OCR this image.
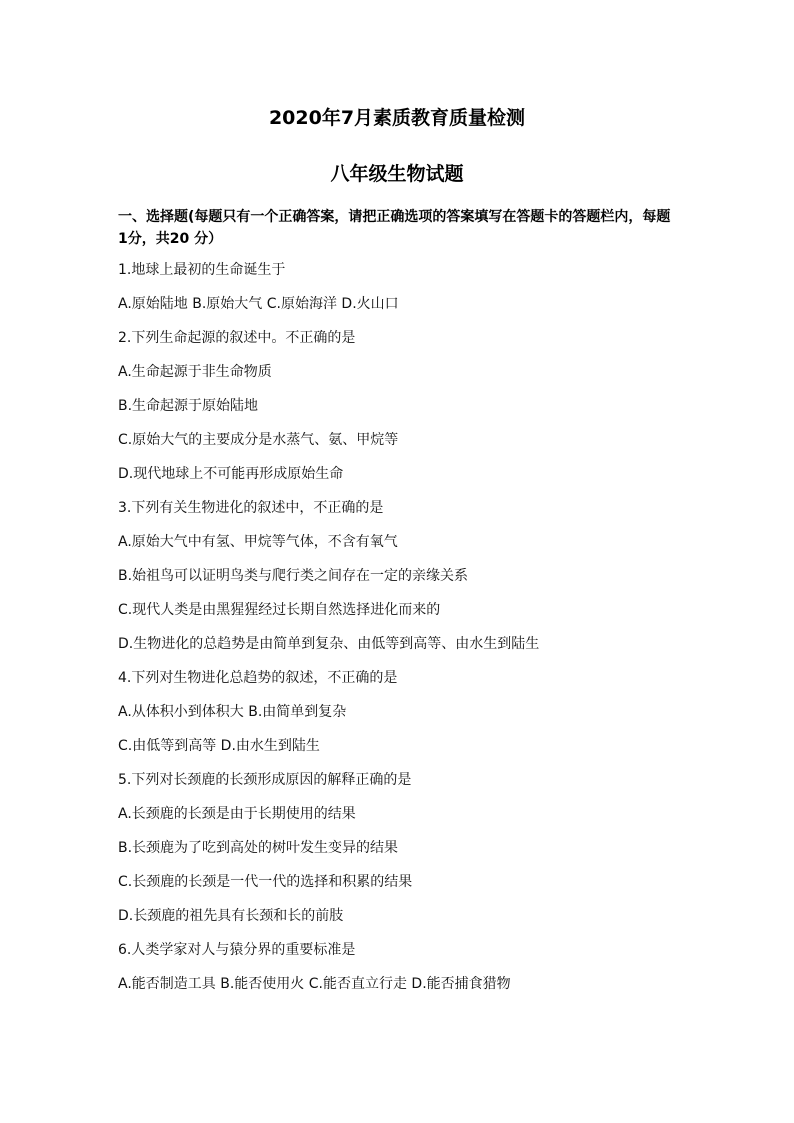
2020年7月素质教育质量检测
八年级生物试题
一、选择题(每题只有一个正确答案，请把正确选项的答案填写在答题卡的答题栏内，每题1分，共20 分）
1.地球上最初的生命诞生于
A.原始陆地 B.原始大气 C.原始海洋 D.火山口
2.下列生命起源的叙述中。不正确的是
A.生命起源于非生命物质
B.生命起源于原始陆地
C.原始大气的主要成分是水蒸气、氨、甲烷等
D.现代地球上不可能再形成原始生命
3.下列有关生物进化的叙述中，不正确的是
A.原始大气中有氢、甲烷等气体，不含有氧气
B.始祖鸟可以证明鸟类与爬行类之间存在一定的亲缘关系
C.现代人类是由黑猩猩经过长期自然选择进化而来的
D.生物进化的总趋势是由简单到复杂、由低等到高等、由水生到陆生
4.下列对生物进化总趋势的叙述，不正确的是
A.从体积小到体积大 B.由简单到复杂
C.由低等到高等 D.由水生到陆生
5.下列对长颈鹿的长颈形成原因的解释正确的是
A.长颈鹿的长颈是由于长期使用的结果
B.长颈鹿为了吃到高处的树叶发生变异的结果
C.长颈鹿的长颈是一代一代的选择和积累的结果
D.长颈鹿的祖先具有长颈和长的前肢
6.人类学家对人与猿分界的重要标准是
A.能否制造工具 B.能否使用火 C.能否直立行走 D.能否捕食猎物
